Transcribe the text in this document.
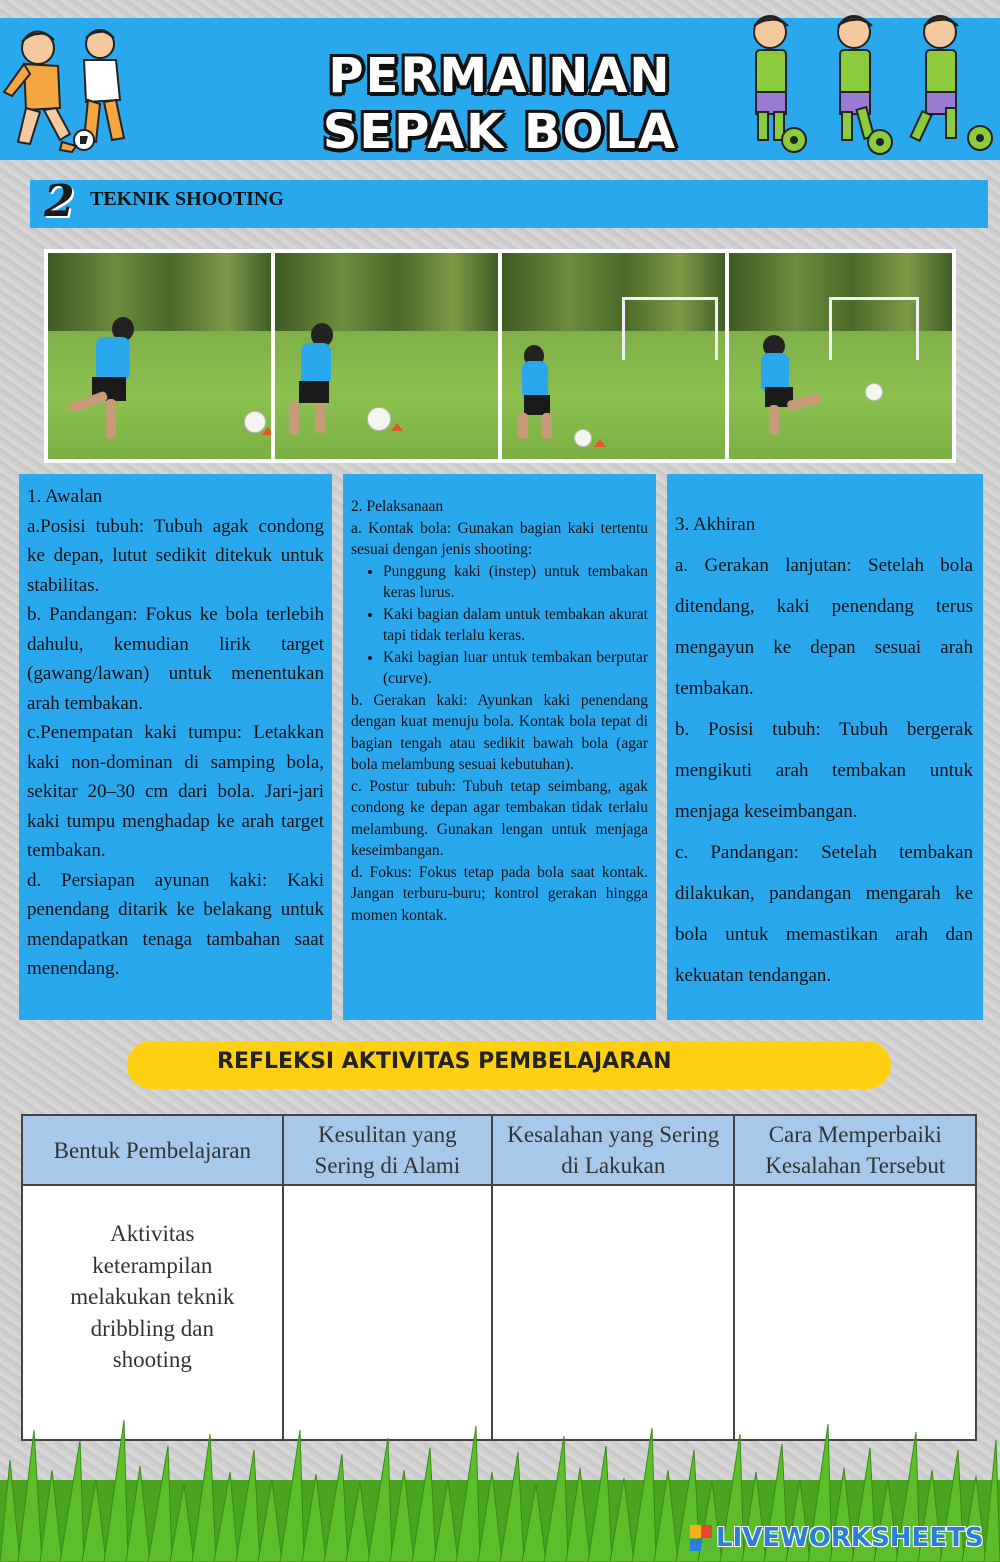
PERMAINAN
SEPAK BOLA
2 TEKNIK SHOOTING

1. Awalan

a.Posisi tubuh: Tubuh agak condong ke depan, lutut sedikit ditekuk untuk stabilitas.

b. Pandangan: Fokus ke bola terlebih dahulu, kemudian lirik target (gawang/lawan) untuk menentukan arah tembakan.

c.Penempatan kaki tumpu: Letakkan kaki non-dominan di samping bola, sekitar 20–30 cm dari bola. Jari-jari kaki tumpu menghadap ke arah target tembakan.

d. Persiapan ayunan kaki: Kaki penendang ditarik ke belakang untuk mendapatkan tenaga tambahan saat menendang.

2. Pelaksanaan

a. Kontak bola: Gunakan bagian kaki tertentu sesuai dengan jenis shooting:

• Punggung kaki (instep) untuk tembakan keras lurus.
• Kaki bagian dalam untuk tembakan akurat tapi tidak terlalu keras.
• Kaki bagian luar untuk tembakan berputar (curve).

b. Gerakan kaki: Ayunkan kaki penendang dengan kuat menuju bola. Kontak bola tepat di bagian tengah atau sedikit bawah bola (agar bola melambung sesuai kebutuhan).

c. Postur tubuh: Tubuh tetap seimbang, agak condong ke depan agar tembakan tidak terlalu melambung. Gunakan lengan untuk menjaga keseimbangan.

d. Fokus: Fokus tetap pada bola saat kontak. Jangan terburu-buru; kontrol gerakan hingga momen kontak.

3. Akhiran

a. Gerakan lanjutan: Setelah bola ditendang, kaki penendang terus mengayun ke depan sesuai arah tembakan.

b. Posisi tubuh: Tubuh bergerak mengikuti arah tembakan untuk menjaga keseimbangan.

c. Pandangan: Setelah tembakan dilakukan, pandangan mengarah ke bola untuk memastikan arah dan kekuatan tendangan.

REFLEKSI AKTIVITAS PEMBELAJARAN
Bentuk Pembelajaran	Kesulitan yang Sering di Alami	Kesalahan yang Sering di Lakukan	Cara Memperbaiki Kesalahan Tersebut
Aktivitas keterampilan melakukan teknik dribbling dan shooting			
LIVEWORKSHEETS
